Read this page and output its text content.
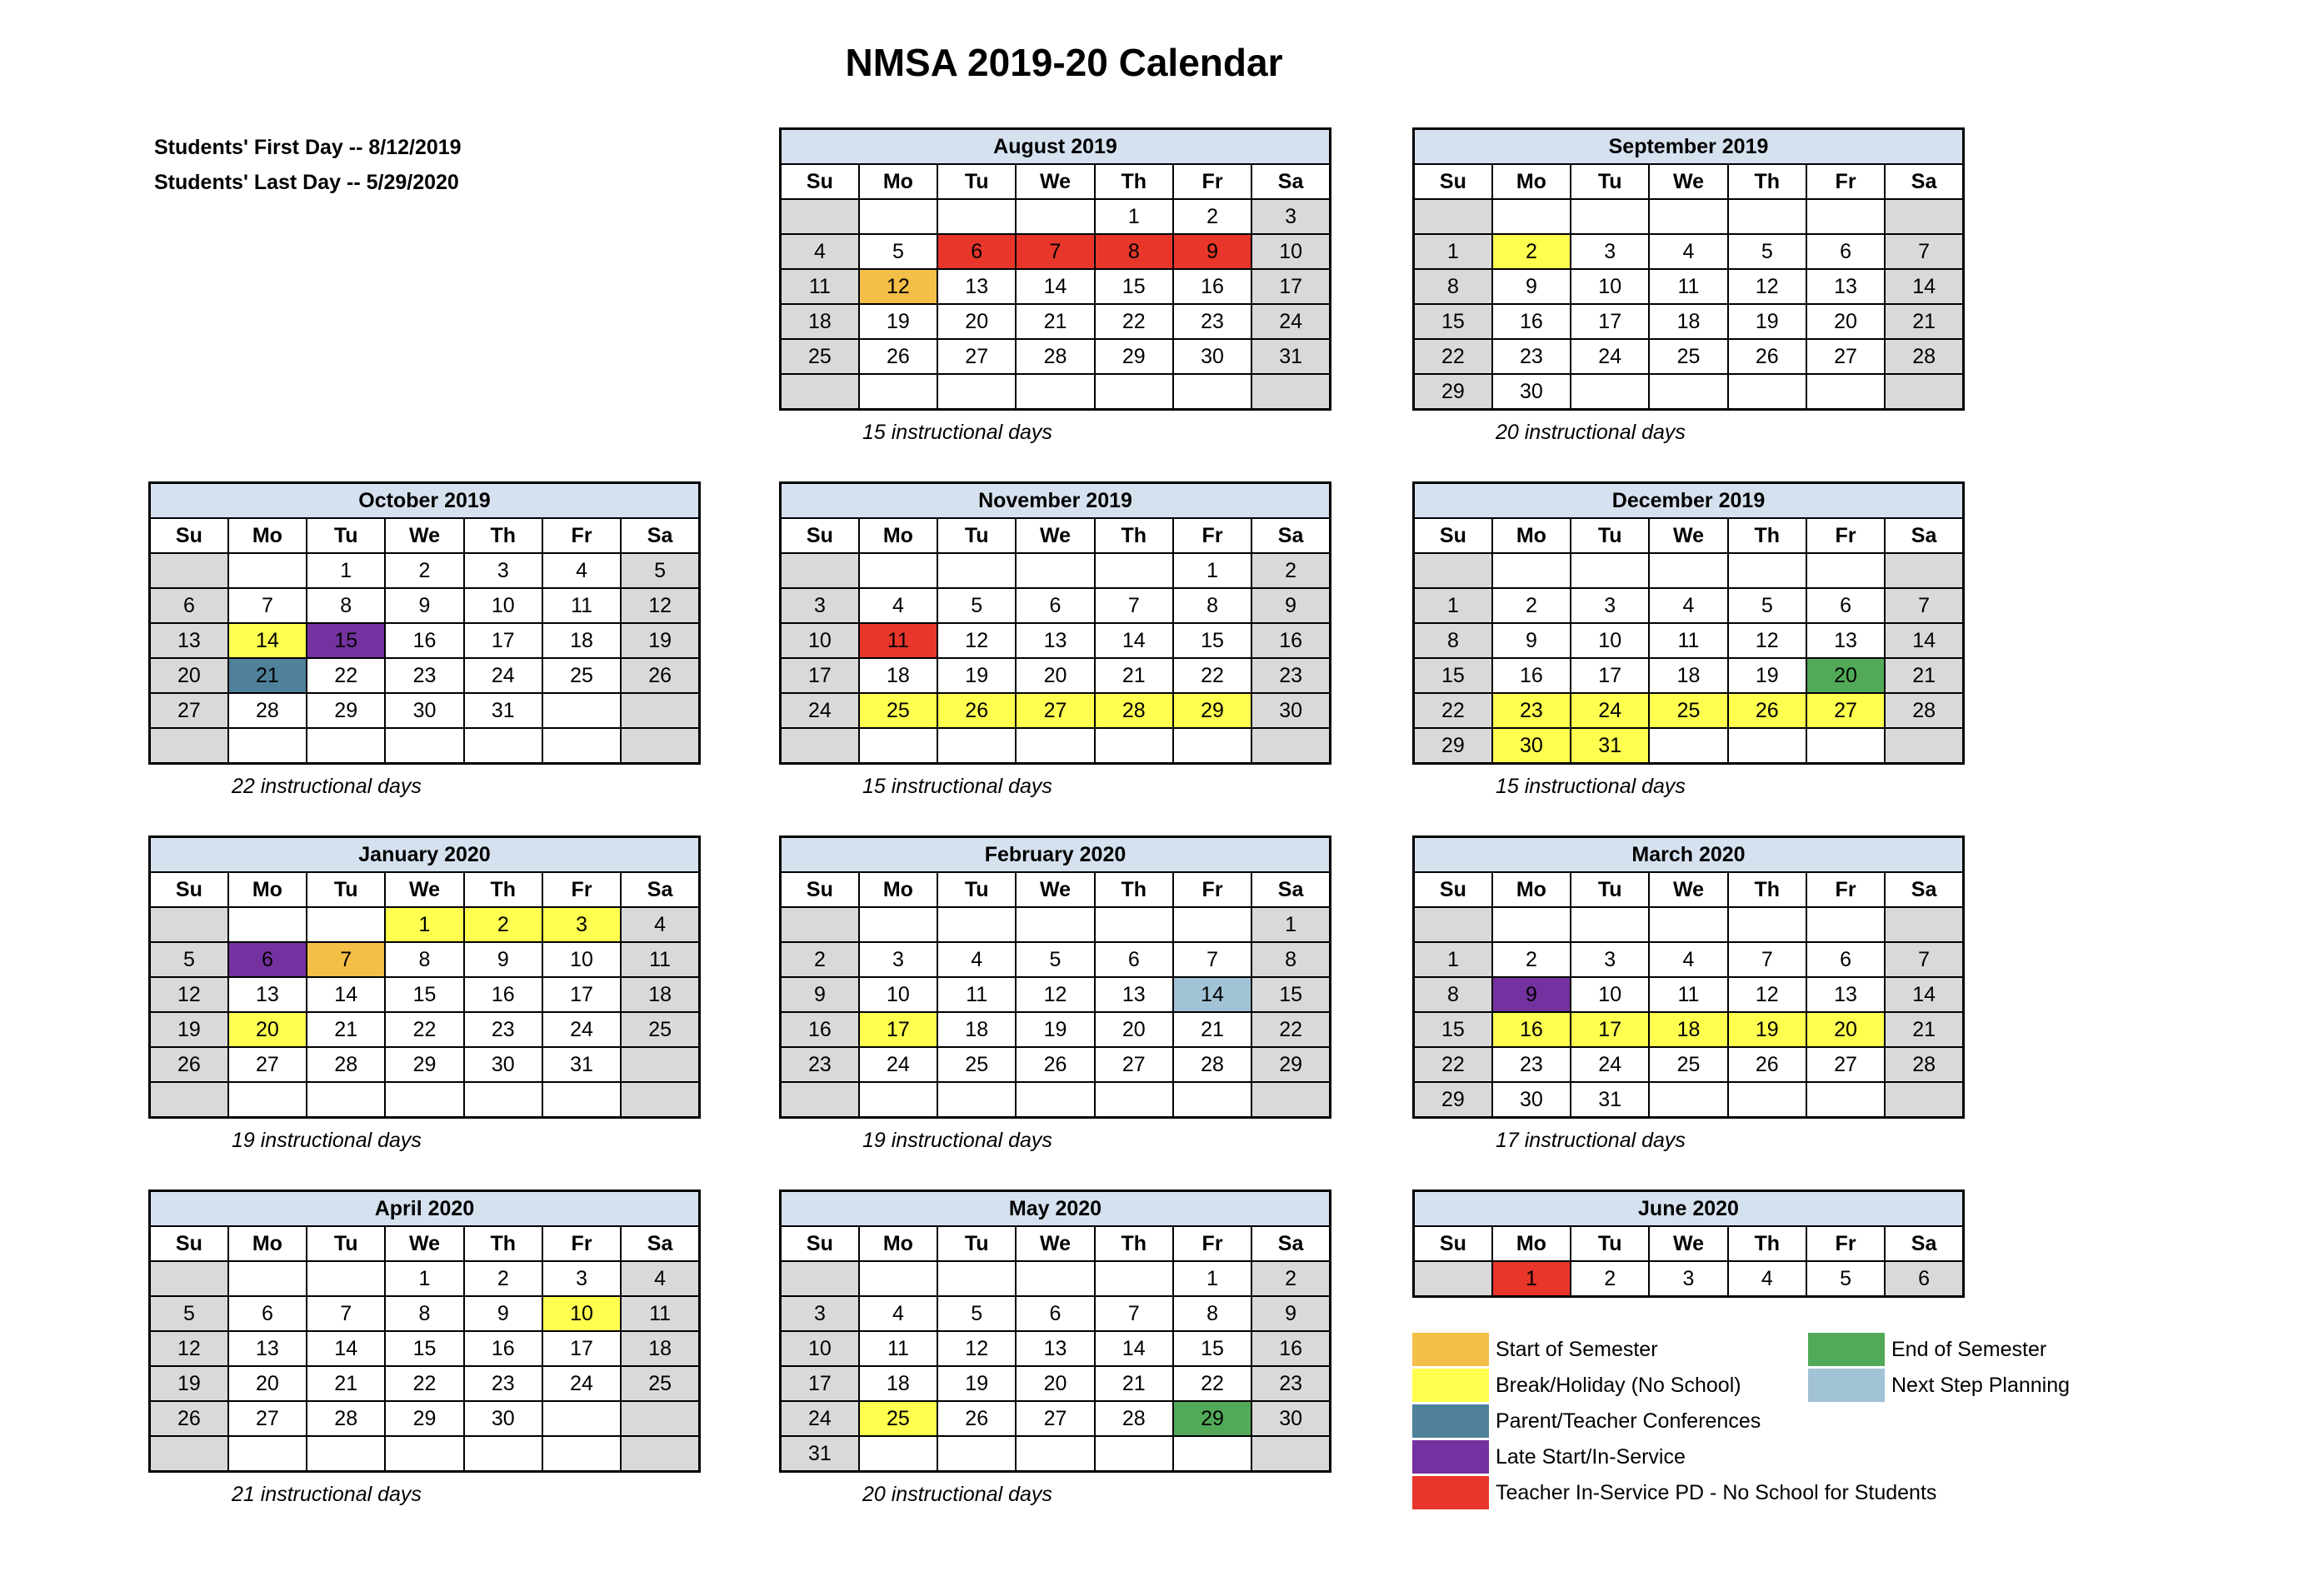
NMSA 2019-20 Calendar
Students' First Day -- 8/12/2019
Students' Last Day -- 5/29/2020
August 2019						
Su	Mo	Tu	We	Th	Fr	Sa
				1	2	3
4	5	6	7	8	9	10
11	12	13	14	15	16	17
18	19	20	21	22	23	24
25	26	27	28	29	30	31

15 instructional days
September 2019						
Su	Mo	Tu	We	Th	Fr	Sa

1	2	3	4	5	6	7
8	9	10	11	12	13	14
15	16	17	18	19	20	21
22	23	24	25	26	27	28
29	30					
20 instructional days
October 2019						
Su	Mo	Tu	We	Th	Fr	Sa
		1	2	3	4	5
6	7	8	9	10	11	12
13	14	15	16	17	18	19
20	21	22	23	24	25	26
27	28	29	30	31		

22 instructional days
November 2019						
Su	Mo	Tu	We	Th	Fr	Sa
					1	2
3	4	5	6	7	8	9
10	11	12	13	14	15	16
17	18	19	20	21	22	23
24	25	26	27	28	29	30

15 instructional days
December 2019						
Su	Mo	Tu	We	Th	Fr	Sa

1	2	3	4	5	6	7
8	9	10	11	12	13	14
15	16	17	18	19	20	21
22	23	24	25	26	27	28
29	30	31				
15 instructional days
January 2020						
Su	Mo	Tu	We	Th	Fr	Sa
			1	2	3	4
5	6	7	8	9	10	11
12	13	14	15	16	17	18
19	20	21	22	23	24	25
26	27	28	29	30	31	

19 instructional days
February 2020						
Su	Mo	Tu	We	Th	Fr	Sa
						1
2	3	4	5	6	7	8
9	10	11	12	13	14	15
16	17	18	19	20	21	22
23	24	25	26	27	28	29

19 instructional days
March 2020						
Su	Mo	Tu	We	Th	Fr	Sa

1	2	3	4	7	6	7
8	9	10	11	12	13	14
15	16	17	18	19	20	21
22	23	24	25	26	27	28
29	30	31				
17 instructional days
April 2020						
Su	Mo	Tu	We	Th	Fr	Sa
			1	2	3	4
5	6	7	8	9	10	11
12	13	14	15	16	17	18
19	20	21	22	23	24	25
26	27	28	29	30		

21 instructional days
May 2020						
Su	Mo	Tu	We	Th	Fr	Sa
					1	2
3	4	5	6	7	8	9
10	11	12	13	14	15	16
17	18	19	20	21	22	23
24	25	26	27	28	29	30
31						
20 instructional days
June 2020						
Su	Mo	Tu	We	Th	Fr	Sa
	1	2	3	4	5	6
Start of Semester
Break/Holiday (No School)
Parent/Teacher Conferences
Late Start/In-Service
Teacher In-Service PD - No School for Students
End of Semester
Next Step Planning
